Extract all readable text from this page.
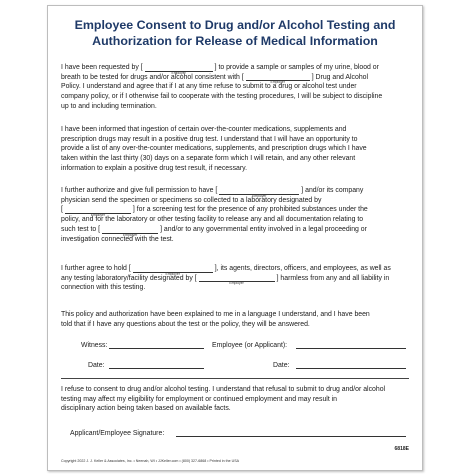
Employee Consent to Drug and/or Alcohol Testing and
Authorization for Release of Medical Information
I have been requested by [
Employer
] to provide a sample or samples of my urine, blood or
breath to be tested for drugs and/or alcohol consistent with [
Employer
] Drug and Alcohol
Policy. I understand and agree that if I at any time refuse to submit to a drug or alcohol test under
company policy, or if I otherwise fail to cooperate with the testing procedures, I will be subject to discipline
up to and including termination.
I have been informed that ingestion of certain over-the-counter medications, supplements and
prescription drugs may result in a positive drug test. I understand that I will have an opportunity to
provide a list of any over-the-counter medications, supplements, and prescription drugs which I have
taken within the last thirty (30) days on a separate form which I will retain, and any other relevant
information to explain a positive drug test result, if necessary.
I further authorize and give full permission to have [
Employer
] and/or its company
physician send the specimen or specimens so collected to a laboratory designated by
[
Employer
] for a screening test for the presence of any prohibited substances under the
policy, and for the laboratory or other testing facility to release any and all documentation relating to
such test to [
Employer
] and/or to any governmental entity involved in a legal proceeding or
investigation connected with the test.
I further agree to hold [
Employer
], its agents, directors, officers, and employees, as well as
any testing laboratory/facility designated by [
Employer
] harmless from any and all liability in
connection with this testing.
This policy and authorization have been explained to me in a language I understand, and I have been
told that if I have any questions about the test or the policy, they will be answered.
Witness:	Employee (or Applicant):
Date:	Date:
I refuse to consent to drug and/or alcohol testing. I understand that refusal to submit to drug and/or alcohol
testing may affect my eligibility for employment or continued employment and may result in
disciplinary action being taken based on available facts.
Applicant/Employee Signature:
6818E
Copyright 2022 J. J. Keller & Associates, Inc. • Neenah, WI • JJKeller.com • (800) 327-6868 • Printed in the USA
